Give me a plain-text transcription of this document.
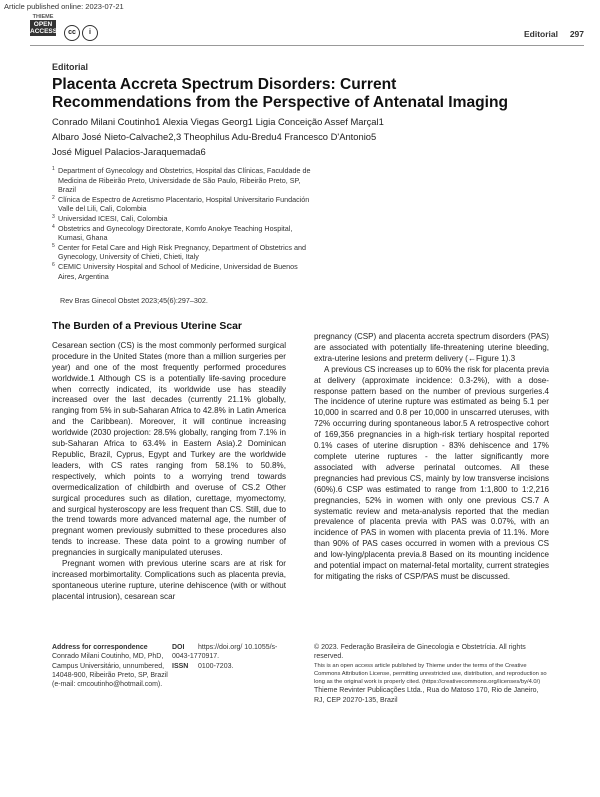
Article published online: 2023-07-21
THIEME
OPEN ACCESS	cc	i	Editorial 297
Editorial
Placenta Accreta Spectrum Disorders: Current Recommendations from the Perspective of Antenatal Imaging
Conrado Milani Coutinho1 Alexia Viegas Georg1 Ligia Conceição Assef Marçal1
Albaro José Nieto-Calvache2,3 Theophilus Adu-Bredu4 Francesco D'Antonio5
José Miguel Palacios-Jaraquemada6
1 Department of Gynecology and Obstetrics, Hospital das Clínicas, Faculdade de Medicina de Ribeirão Preto, Universidade de São Paulo, Ribeirão Preto, SP, Brazil
2 Clínica de Espectro de Acretismo Placentario, Hospital Universitario Fundación Valle del Lili, Cali, Colombia
3 Universidad ICESI, Cali, Colombia
4 Obstetrics and Gynecology Directorate, Komfo Anokye Teaching Hospital, Kumasi, Ghana
5 Center for Fetal Care and High Risk Pregnancy, Department of Obstetrics and Gynecology, University of Chieti, Chieti, Italy
6 CEMIC University Hospital and School of Medicine, Universidad de Buenos Aires, Argentina
Rev Bras Ginecol Obstet 2023;45(6):297–302.
The Burden of a Previous Uterine Scar

Cesarean section (CS) is the most commonly performed surgical procedure in the United States (more than a million surgeries per year) and one of the most frequently performed procedures worldwide.1 Although CS is a potentially life-saving procedure when correctly indicated, its worldwide use has steadily increased over the last decades (currently 21.1% globally, ranging from 5% in sub-Saharan Africa to 42.8% in Latin America and the Caribbean). Moreover, it will continue increasing worldwide (2030 projection: 28.5% globally, ranging from 7.1% in sub-Saharan Africa to 63.4% in Eastern Asia).2 Dominican Republic, Brazil, Cyprus, Egypt and Turkey are the worldwide leaders, with CS rates ranging from 58.1% to 50.8%, respectively, which points to a worrying trend towards overmedicalization of childbirth and overuse of CS.2 Other surgical procedures such as dilation, curettage, myomectomy, and surgical hysteroscopy are less frequent than CS. Still, due to the trend towards more advanced maternal age, the number of pregnant women previously submitted to these procedures also tends to increase. These data point to a growing number of pregnancies in surgically manipulated uteruses.

Pregnant women with previous uterine scars are at risk for increased morbimortality. Complications such as placenta previa, spontaneous uterine rupture, uterine dehiscence (with or without placental intrusion), cesarean scar

pregnancy (CSP) and placenta accreta spectrum disorders (PAS) are associated with potentially life-threatening uterine bleeding, extra-uterine lesions and preterm delivery (←Figure 1).3

A previous CS increases up to 60% the risk for placenta previa at delivery (approximate incidence: 0.3-2%), with a dose-response pattern based on the number of previous surgeries.4 The incidence of uterine rupture was estimated as being 5.1 per 10,000 in scarred and 0.8 per 10,000 in unscarred uteruses, with 72% occurring during spontaneous labor.5 A retrospective cohort of 169,356 pregnancies in a high-risk tertiary hospital reported 0.1% cases of uterine disruption - 83% dehiscence and 17% complete uterine ruptures - the latter significantly more associated with adverse perinatal outcomes. All these pregnancies had previous CS, mainly by low transverse incisions (60%).6 CSP was estimated to range from 1:1,800 to 1:2,216 pregnancies, 52% in women with only one previous CS.7 A systematic review and meta-analysis reported that the median prevalence of placenta previa with PAS was 0.07%, with an incidence of PAS in women with placenta previa of 11.1%. More than 90% of PAS cases occurred in women with a previous CS and low-lying/placenta previa.8 Based on its mounting incidence and potential impact on maternal-fetal mortality, current strategies for mitigating the risks of CSP/PAS must be discussed.

Address for correspondence
Conrado Milani Coutinho, MD, PhD, Campus Universitário, unnumbered, 14048-900, Ribeirão Preto, SP, Brazil (e-mail: cmcoutinho@hotmail.com).
DOI https://doi.org/ 10.1055/s-0043-1770917.
ISSN 0100-7203.
© 2023. Federação Brasileira de Ginecologia e Obstetrícia. All rights reserved.
This is an open access article published by Thieme under the terms of the Creative Commons Attribution License, permitting unrestricted use, distribution, and reproduction so long as the original work is properly cited. (https://creativecommons.org/licenses/by/4.0/)
Thieme Revinter Publicações Ltda., Rua do Matoso 170, Rio de Janeiro, RJ, CEP 20270-135, Brazil
